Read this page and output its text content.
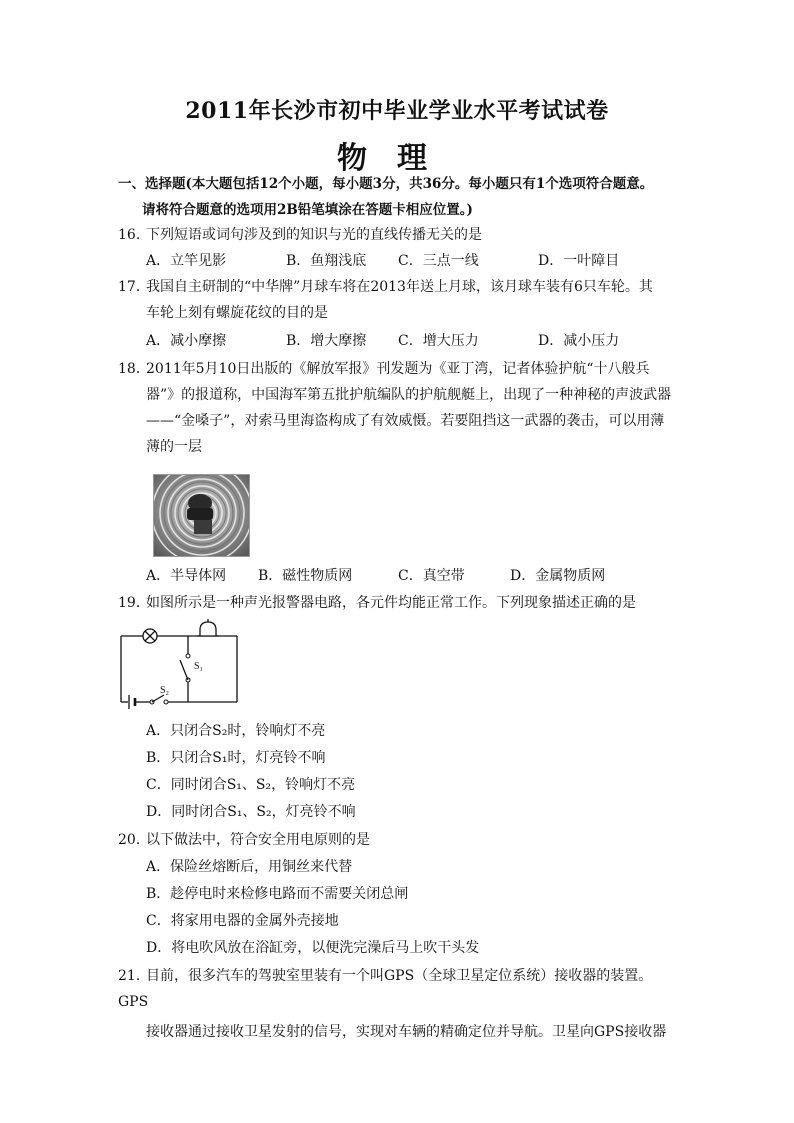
2011年长沙市初中毕业学业水平考试试卷
物理
一、选择题(本大题包括12个小题，每小题3分，共36分。每小题只有1个选项符合题意。
请将符合题意的选项用2B铅笔填涂在答题卡相应位置。)
16. 下列短语或词句涉及到的知识与光的直线传播无关的是
A．立竿见影	B．鱼翔浅底 C．三点一线	D．一叶障目
17．我国自主研制的“中华牌”月球车将在2013年送上月球，该月球车装有6只车轮。其
车轮上刻有螺旋花纹的目的是
A．减小摩擦	B．增大摩擦 C．增大压力	D．减小压力
18．2011年5月10日出版的《解放军报》刊发题为《亚丁湾，记者体验护航“十八般兵
器”》的报道称，中国海军第五批护航编队的护航舰艇上，出现了一种神秘的声波武器
——“金嗓子”，对索马里海盗构成了有效威慑。若要阻挡这一武器的袭击，可以用薄
薄的一层
A．半导体网 B．磁性物质网	C．真空带	D．金属物质网
19．如图所示是一种声光报警器电路，各元件均能正常工作。下列现象描述正确的是
S₁
S₂
A．只闭合S₂时，铃响灯不亮
B．只闭合S₁时，灯亮铃不响
C．同时闭合S₁、S₂，铃响灯不亮
D．同时闭合S₁、S₂，灯亮铃不响
20．以下做法中，符合安全用电原则的是
A．保险丝熔断后，用铜丝来代替
B．趁停电时来检修电路而不需要关闭总闸
C．将家用电器的金属外壳接地
D．将电吹风放在浴缸旁，以便洗完澡后马上吹干头发
21．目前，很多汽车的驾驶室里装有一个叫GPS（全球卫星定位系统）接收器的装置。GPS
接收器通过接收卫星发射的信号，实现对车辆的精确定位并导航。卫星向GPS接收器
